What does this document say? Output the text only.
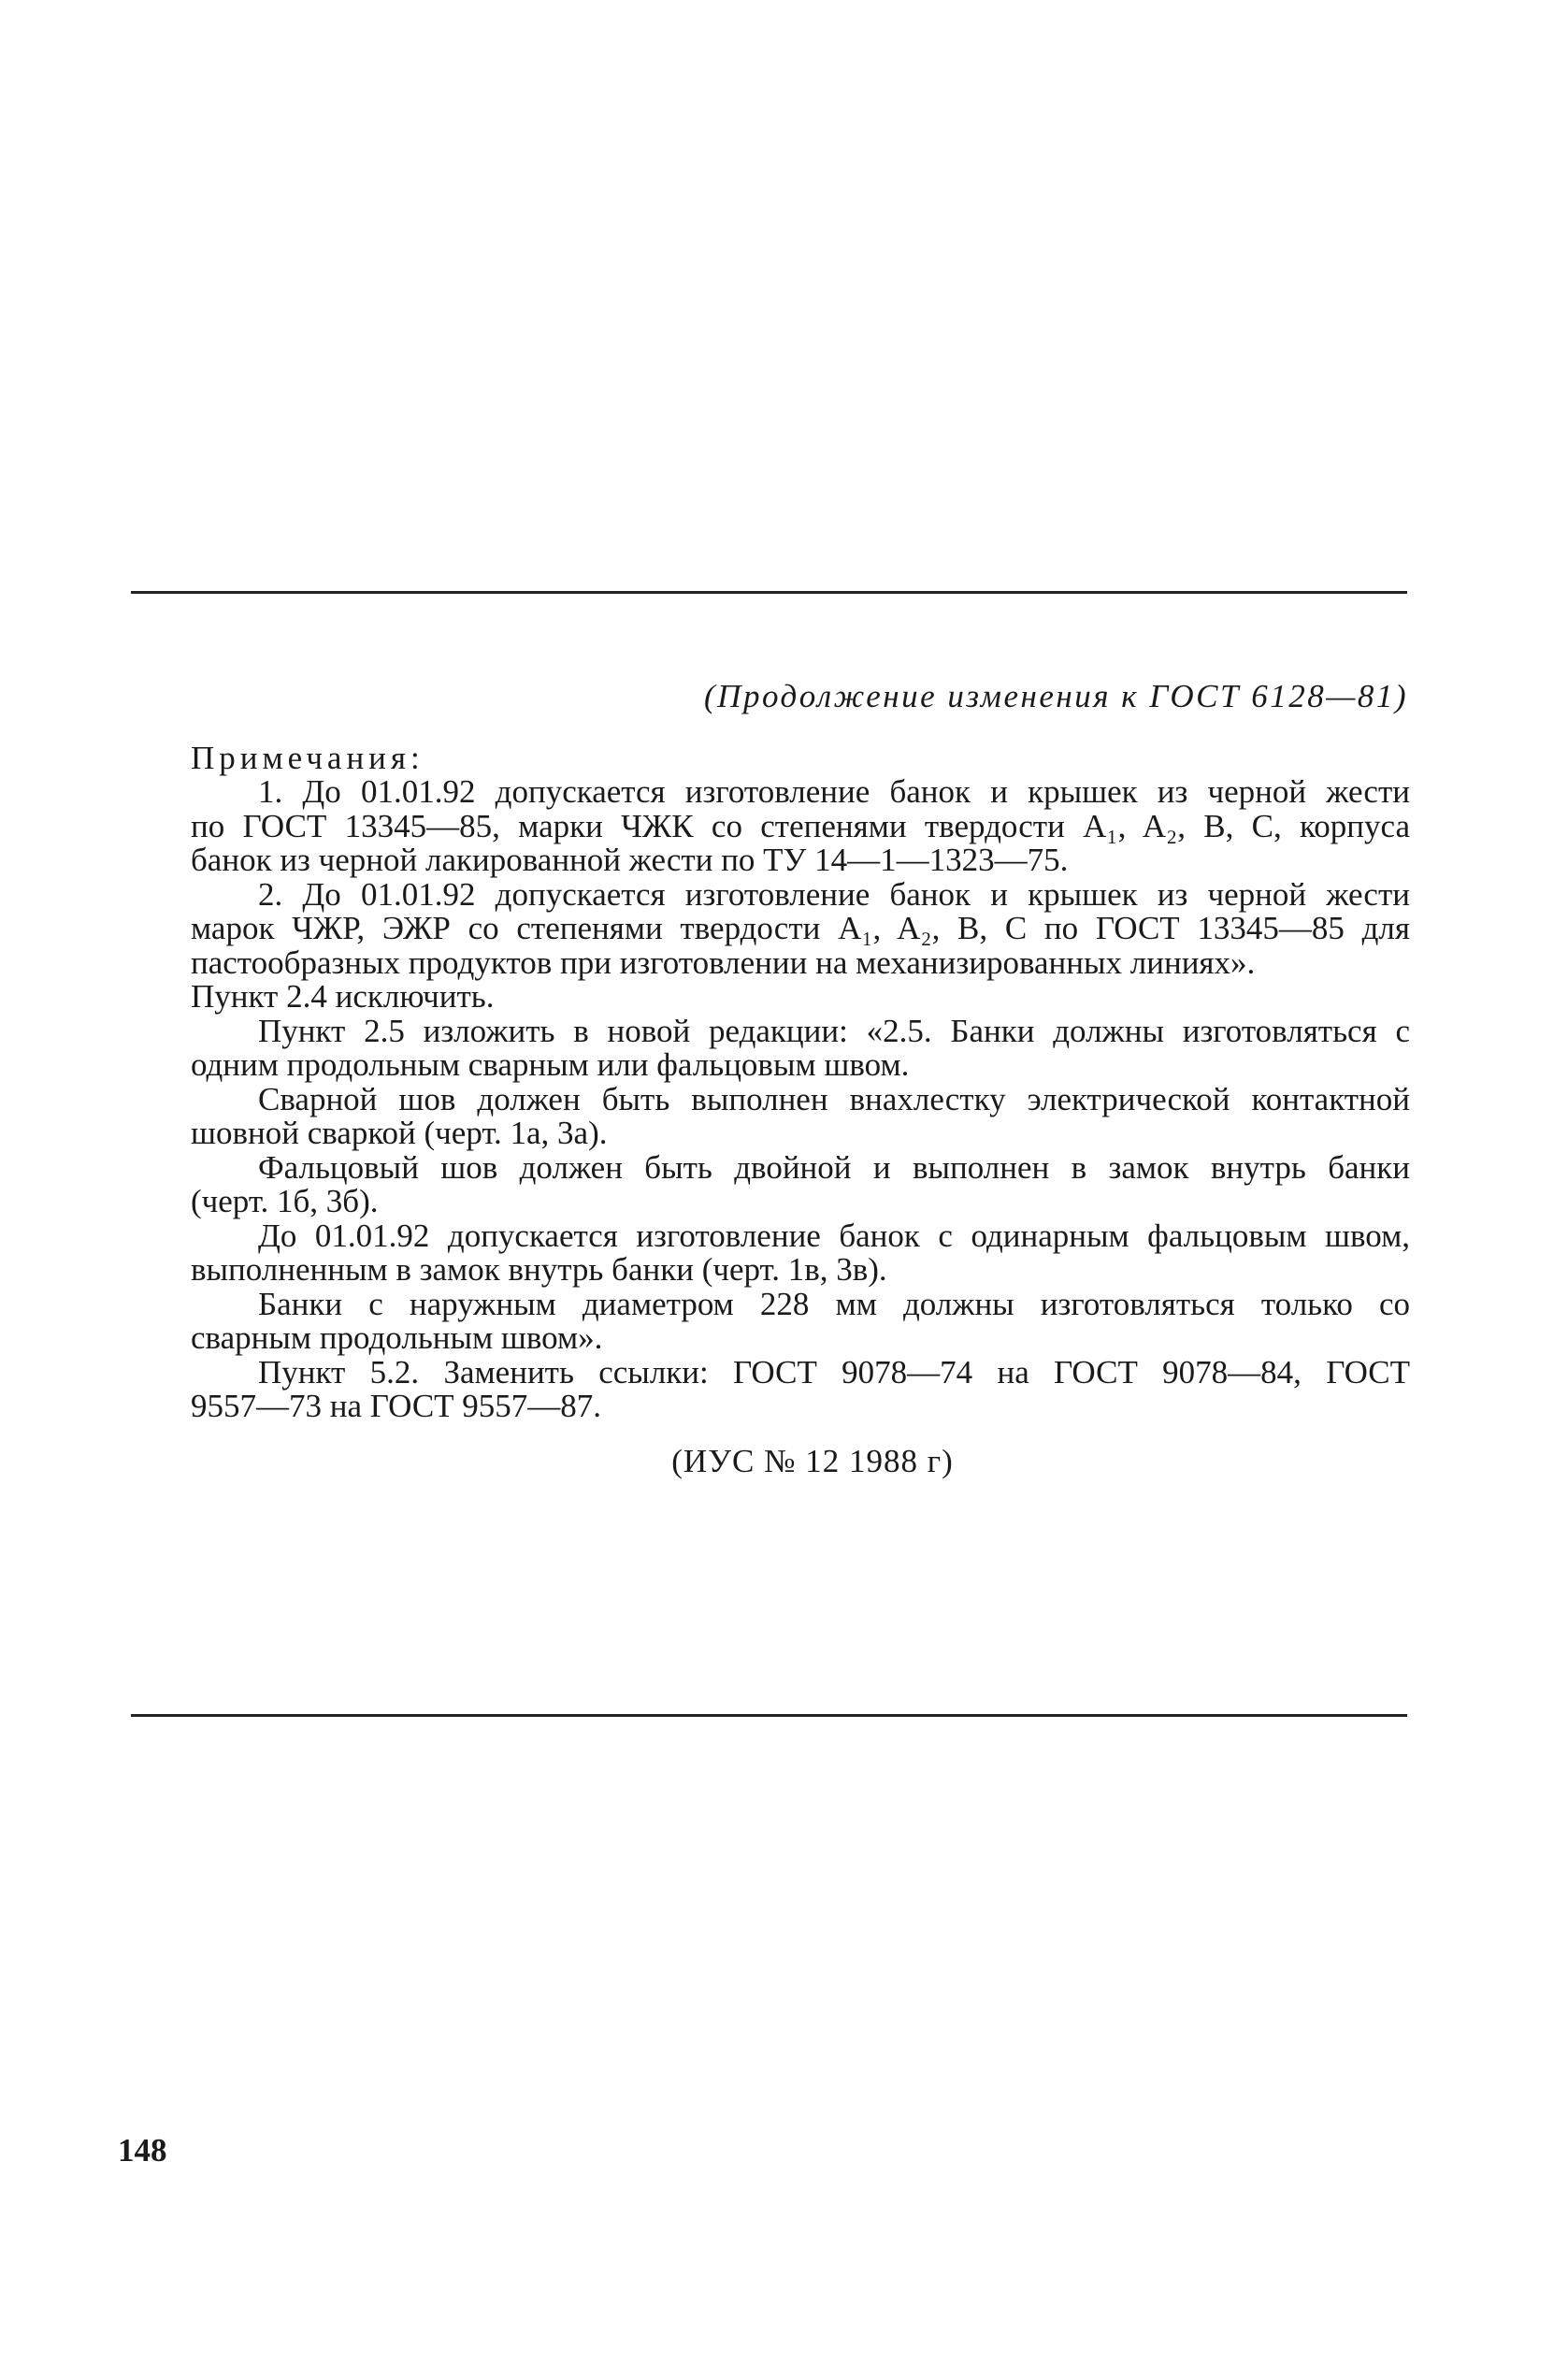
(Продолжение изменения к ГОСТ 6128—81)
Примечания:
1. До 01.01.92 допускается изготовление банок и крышек из черной жести
по ГОСТ 13345—85, марки ЧЖК со степенями твердости A₁, A₂, B, C, корпуса
банок из черной лакированной жести по ТУ 14—1—1323—75.
2. До 01.01.92 допускается изготовление банок и крышек из черной жести
марок ЧЖР, ЭЖР со степенями твердости A₁, A₂, B, C по ГОСТ 13345—85 для
пастообразных продуктов при изготовлении на механизированных линиях».
Пункт 2.4 исключить.
Пункт 2.5 изложить в новой редакции: «2.5. Банки должны изготовляться с
одним продольным сварным или фальцовым швом.
Сварной шов должен быть выполнен внахлестку электрической контактной
шовной сваркой (черт. 1а, 3а).
Фальцовый шов должен быть двойной и выполнен в замок внутрь банки
(черт. 1б, 3б).
До 01.01.92 допускается изготовление банок с одинарным фальцовым швом,
выполненным в замок внутрь банки (черт. 1в, 3в).
Банки с наружным диаметром 228 мм должны изготовляться только со
сварным продольным швом».
Пункт 5.2. Заменить ссылки: ГОСТ 9078—74 на ГОСТ 9078—84, ГОСТ
9557—73 на ГОСТ 9557—87.
(ИУС № 12 1988 г)
148
